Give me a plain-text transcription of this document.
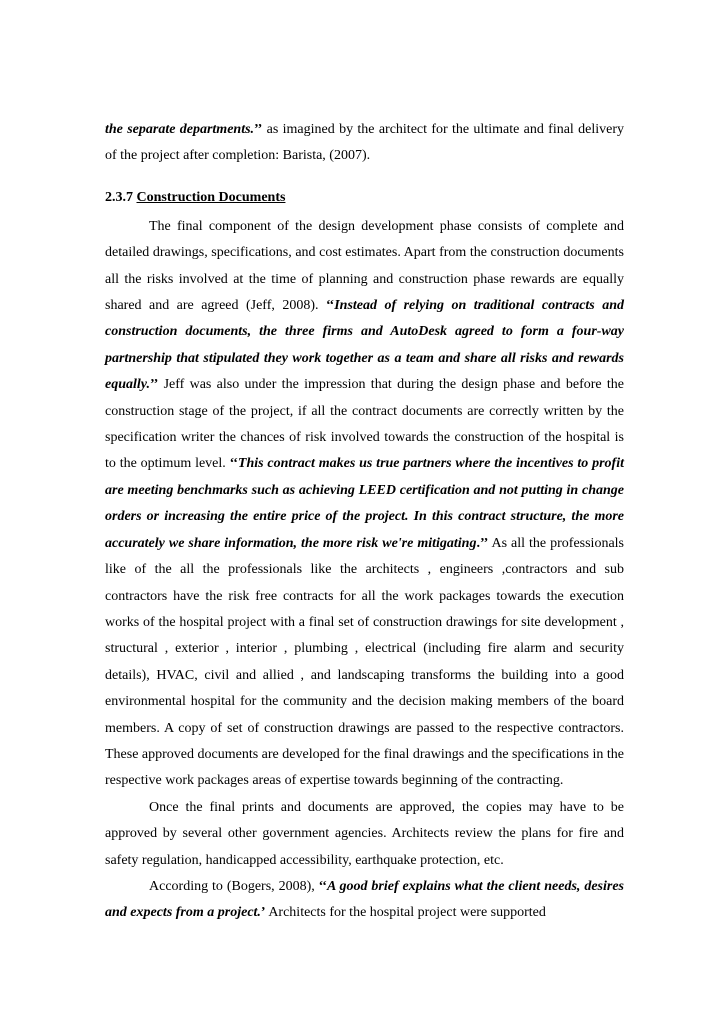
the separate departments.’’ as imagined by the architect for the ultimate and final delivery of the project after completion: Barista, (2007).

2.3.7 Construction Documents

The final component of the design development phase consists of complete and detailed drawings, specifications, and cost estimates. Apart from the construction documents all the risks involved at the time of planning and construction phase rewards are equally shared and are agreed (Jeff, 2008). ‘‘Instead of relying on traditional contracts and construction documents, the three firms and AutoDesk agreed to form a four-way partnership that stipulated they work together as a team and share all risks and rewards equally.’’ Jeff was also under the impression that during the design phase and before the construction stage of the project, if all the contract documents are correctly written by the specification writer the chances of risk involved towards the construction of the hospital is to the optimum level. ‘‘This contract makes us true partners where the incentives to profit are meeting benchmarks such as achieving LEED certification and not putting in change orders or increasing the entire price of the project. In this contract structure, the more accurately we share information, the more risk we're mitigating.’’ As all the professionals like of the all the professionals like the architects , engineers ,contractors and sub contractors have the risk free contracts for all the work packages towards the execution works of the hospital project with a final set of construction drawings for site development , structural , exterior , interior , plumbing , electrical (including fire alarm and security details), HVAC, civil and allied , and landscaping transforms the building into a good environmental hospital for the community and the decision making members of the board members. A copy of set of construction drawings are passed to the respective contractors. These approved documents are developed for the final drawings and the specifications in the respective work packages areas of expertise towards beginning of the contracting.

Once the final prints and documents are approved, the copies may have to be approved by several other government agencies. Architects review the plans for fire and safety regulation, handicapped accessibility, earthquake protection, etc.

According to (Bogers, 2008), ‘‘A good brief explains what the client needs, desires and expects from a project.’ Architects for the hospital project were supported
